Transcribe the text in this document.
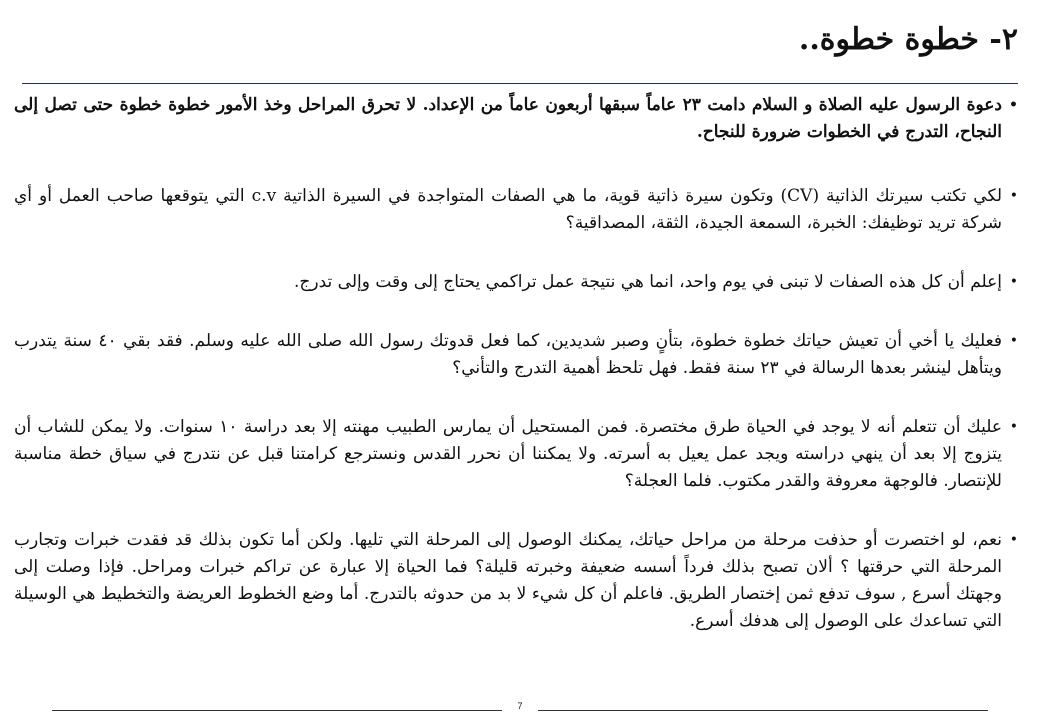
٢- خطوة خطوة..

•
دعوة الرسول عليه الصلاة و السلام دامت ٢٣ عاماً سبقها أربعون عاماً من الإعداد. لا تحرق المراحل وخذ الأمور خطوة خطوة حتى تصل إلى النجاح، التدرج في الخطوات ضرورة للنجاح.

•
لكي تكتب سيرتك الذاتية (CV) وتكون سيرة ذاتية قوية، ما هي الصفات المتواجدة في السيرة الذاتية c.v التي يتوقعها صاحب العمل أو أي شركة تريد توظيفك: الخبرة، السمعة الجيدة، الثقة، المصداقية؟

•
إعلم أن كل هذه الصفات لا تبنى في يوم واحد، انما هي نتيجة عمل تراكمي يحتاج إلى وقت وإلى تدرج.

•
فعليك يا أخي أن تعيش حياتك خطوة خطوة، بتأنٍ وصبر شديدين، كما فعل قدوتك رسول الله صلى الله عليه وسلم. فقد بقي ٤٠ سنة يتدرب ويتأهل لينشر بعدها الرسالة في ٢٣ سنة فقط. فهل تلحظ أهمية التدرج والتأني؟

•
عليك أن تتعلم أنه لا يوجد في الحياة طرق مختصرة. فمن المستحيل أن يمارس الطبيب مهنته إلا بعد دراسة ١٠ سنوات. ولا يمكن للشاب أن يتزوج إلا بعد أن ينهي دراسته ويجد عمل يعيل به أسرته. ولا يمكننا أن نحرر القدس ونسترجع كرامتنا قبل عن نتدرج في سياق خطة مناسبة للإنتصار. فالوجهة معروفة والقدر مكتوب. فلما العجلة؟

•
نعم، لو اختصرت أو حذفت مرحلة من مراحل حياتك، يمكنك الوصول إلى المرحلة التي تليها. ولكن أما تكون بذلك قد فقدت خبرات وتجارب المرحلة التي حرقتها ؟ ألان تصبح بذلك فرداً أسسه ضعيفة وخبرته قليلة؟ فما الحياة إلا عبارة عن تراكم خبرات ومراحل. فإذا وصلت إلى وجهتك أسرع , سوف تدفع ثمن إختصار الطريق. فاعلم أن كل شيء لا بد من حدوثه بالتدرج. أما وضع الخطوط العريضة والتخطيط هي الوسيلة التي تساعدك على الوصول إلى هدفك أسرع.

7
